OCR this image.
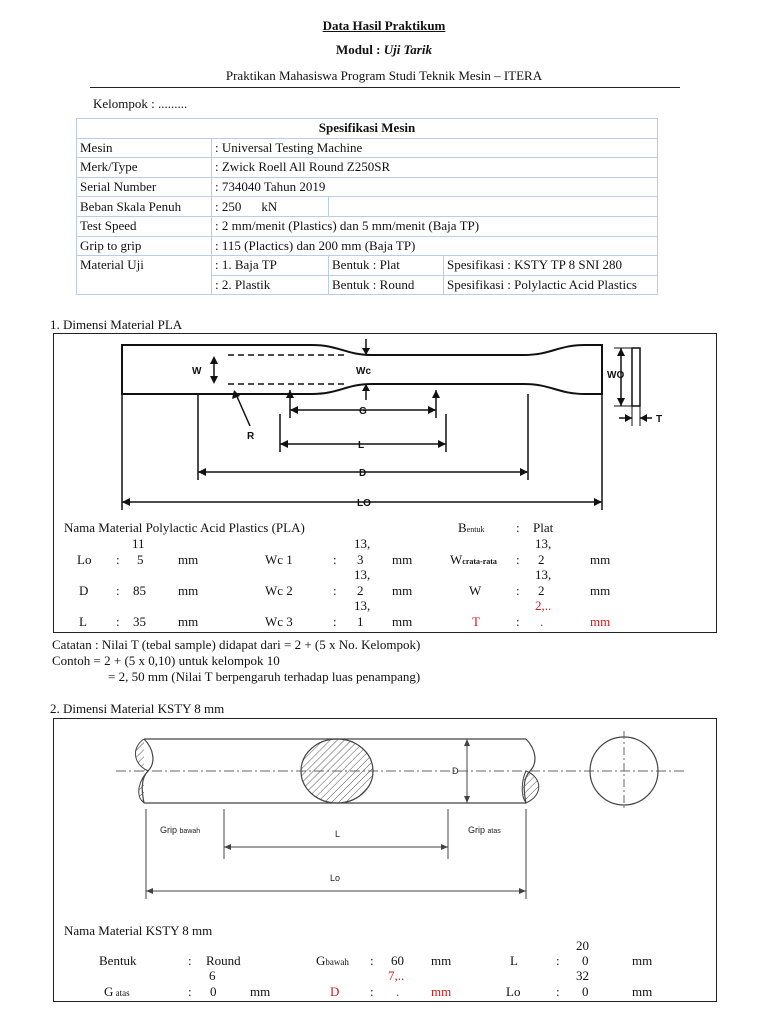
Data Hasil Praktikum
Modul : Uji Tarik
Praktikan Mahasiswa Program Studi Teknik Mesin – ITERA
Kelompok : .........
Spesifikasi Mesin			
Mesin	: Universal Testing Machine		
Merk/Type	: Zwick Roell All Round Z250SR		
Serial Number	: 734040 Tahun 2019		
Beban Skala Penuh	: 250 kN		
Test Speed	: 2 mm/menit (Plastics) dan 5 mm/menit (Baja TP)		
Grip to grip	: 115 (Plactics) dan 200 mm (Baja TP)		
Material Uji	: 1. Baja TP	Bentuk : Plat	Spesifikasi : KSTY TP 8 SNI 280
	: 2. Plastik	Bentuk : Round	Spesifikasi : Polylactic Acid Plastics
1. Dimensi Material PLA
W	Wc	WO
T
G
R
L
D
LO
Nama Material Polylactic Acid Plastics (PLA)	Bentuk : Plat
11	13,	13,
Lo : 5	mm	Wc 1	: 3 mm	Wcrata-rata : 2	mm
13,	13,
D : 85 mm	Wc 2	: 2 mm	W	: 2	mm
13,	2,..
L : 35 mm	Wc 3	: 1 mm	T	: .	mm
Catatan : Nilai T (tebal sample) didapat dari = 2 + (5 x No. Kelompok)
Contoh = 2 + (5 x 0,10) untuk kelompok 10
= 2, 50 mm (Nilai T berpengaruh terhadap luas penampang)
2. Dimensi Material KSTY 8 mm
D
Grip bawah	Grip atas
L
Lo
Nama Material KSTY 8 mm
20
Bentuk	: Round	Gbawah : 60 mm	L	: 0	mm
6	7,..	32
G atas	: 0	mm	D : . mm	Lo	: 0	mm
